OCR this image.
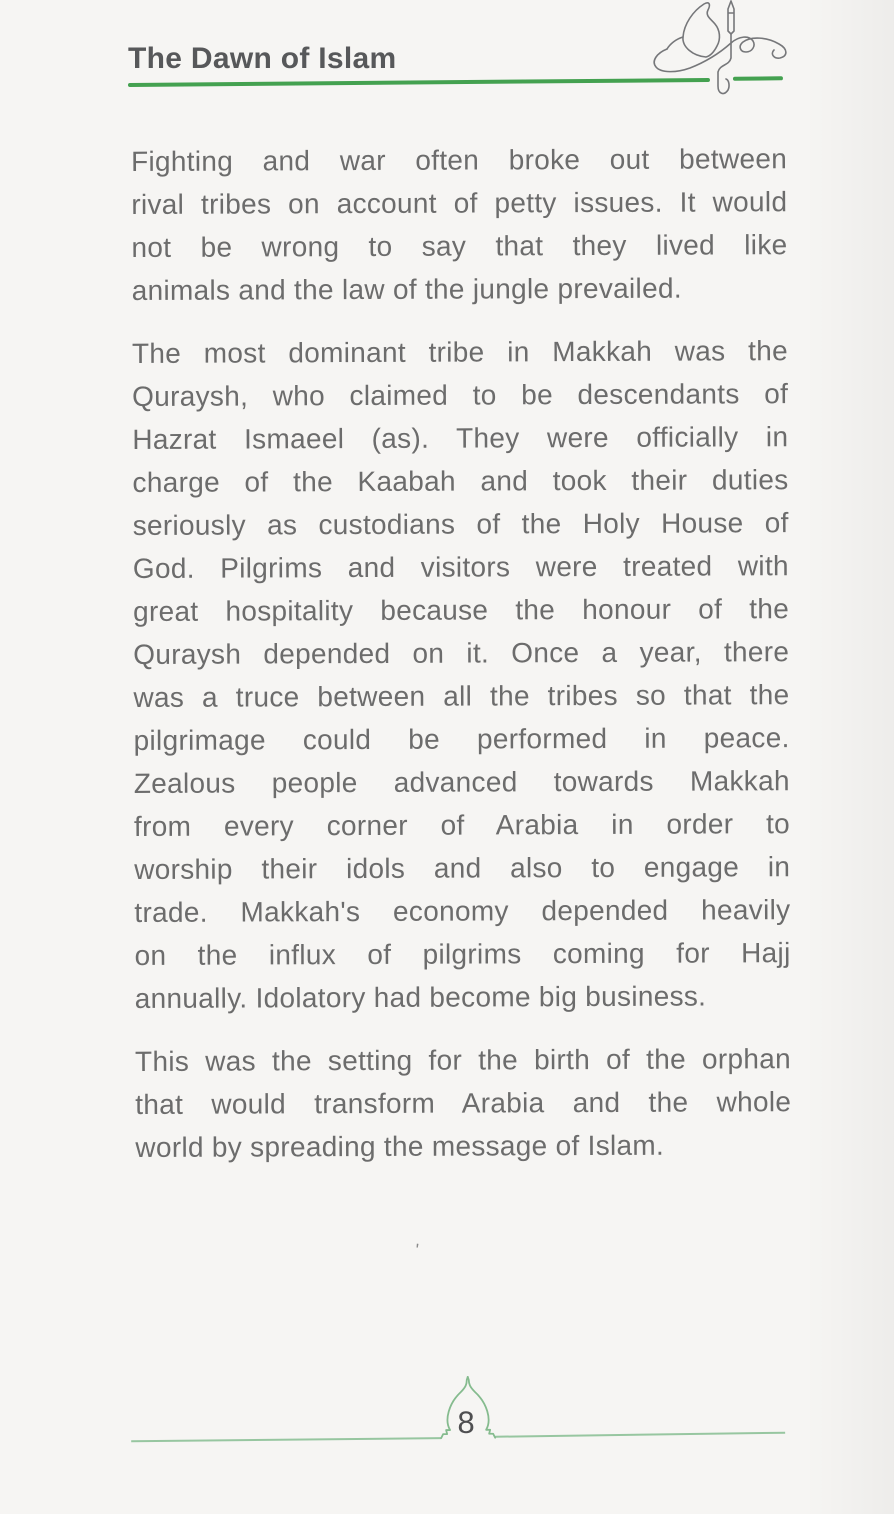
The Dawn of Islam
Fighting and war often broke out between
rival tribes on account of petty issues. It would
not be wrong to say that they lived like
animals and the law of the jungle prevailed.
The most dominant tribe in Makkah was the
Quraysh, who claimed to be descendants of
Hazrat Ismaeel (as). They were officially in
charge of the Kaabah and took their duties
seriously as custodians of the Holy House of
God. Pilgrims and visitors were treated with
great hospitality because the honour of the
Quraysh depended on it. Once a year, there
was a truce between all the tribes so that the
pilgrimage could be performed in peace.
Zealous people advanced towards Makkah
from every corner of Arabia in order to
worship their idols and also to engage in
trade. Makkah's economy depended heavily
on the influx of pilgrims coming for Hajj
annually. Idolatory had become big business.
This was the setting for the birth of the orphan
that would transform Arabia and the whole
world by spreading the message of Islam.
'
8
